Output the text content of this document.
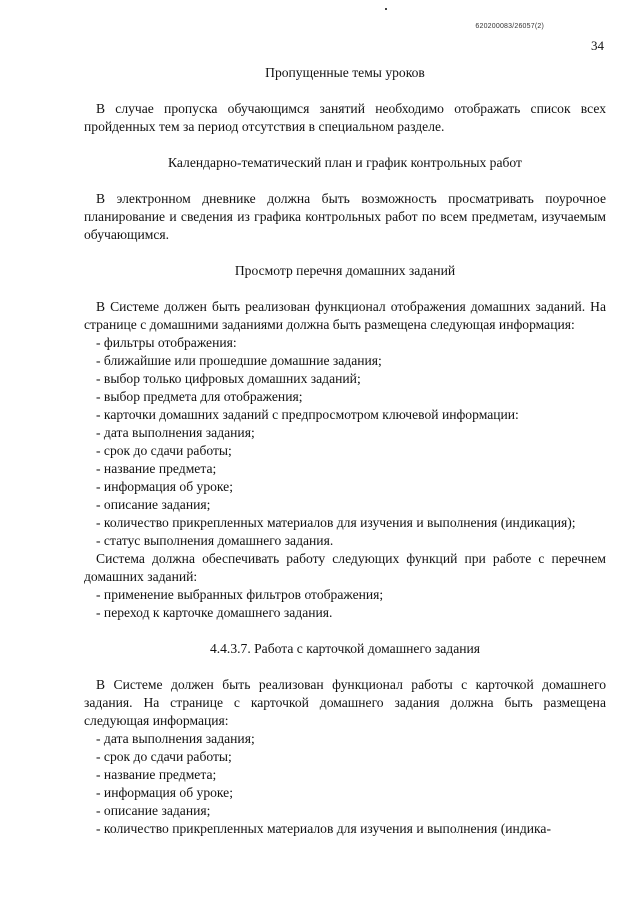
620200083/26057(2)
34

Пропущенные темы уроков

В случае пропуска обучающимся занятий необходимо отображать список всех пройденных тем за период отсутствия в специальном разделе.

Календарно-тематический план и график контрольных работ

В электронном дневнике должна быть возможность просматривать поурочное планирование и сведения из графика контрольных работ по всем предметам, изучаемым обучающимся.

Просмотр перечня домашних заданий

В Системе должен быть реализован функционал отображения домашних заданий. На странице с домашними заданиями должна быть размещена следующая информация:

- фильтры отображения:
- ближайшие или прошедшие домашние задания;
- выбор только цифровых домашних заданий;
- выбор предмета для отображения;
- карточки домашних заданий с предпросмотром ключевой информации:
- дата выполнения задания;
- срок до сдачи работы;
- название предмета;
- информация об уроке;
- описание задания;
- количество прикрепленных материалов для изучения и выполнения (индикация);
- статус выполнения домашнего задания.

Система должна обеспечивать работу следующих функций при работе с перечнем домашних заданий:

- применение выбранных фильтров отображения;
- переход к карточке домашнего задания.

4.4.3.7. Работа с карточкой домашнего задания

В Системе должен быть реализован функционал работы с карточкой домашнего задания. На странице с карточкой домашнего задания должна быть размещена следующая информация:

- дата выполнения задания;
- срок до сдачи работы;
- название предмета;
- информация об уроке;
- описание задания;
- количество прикрепленных материалов для изучения и выполнения (индика-
